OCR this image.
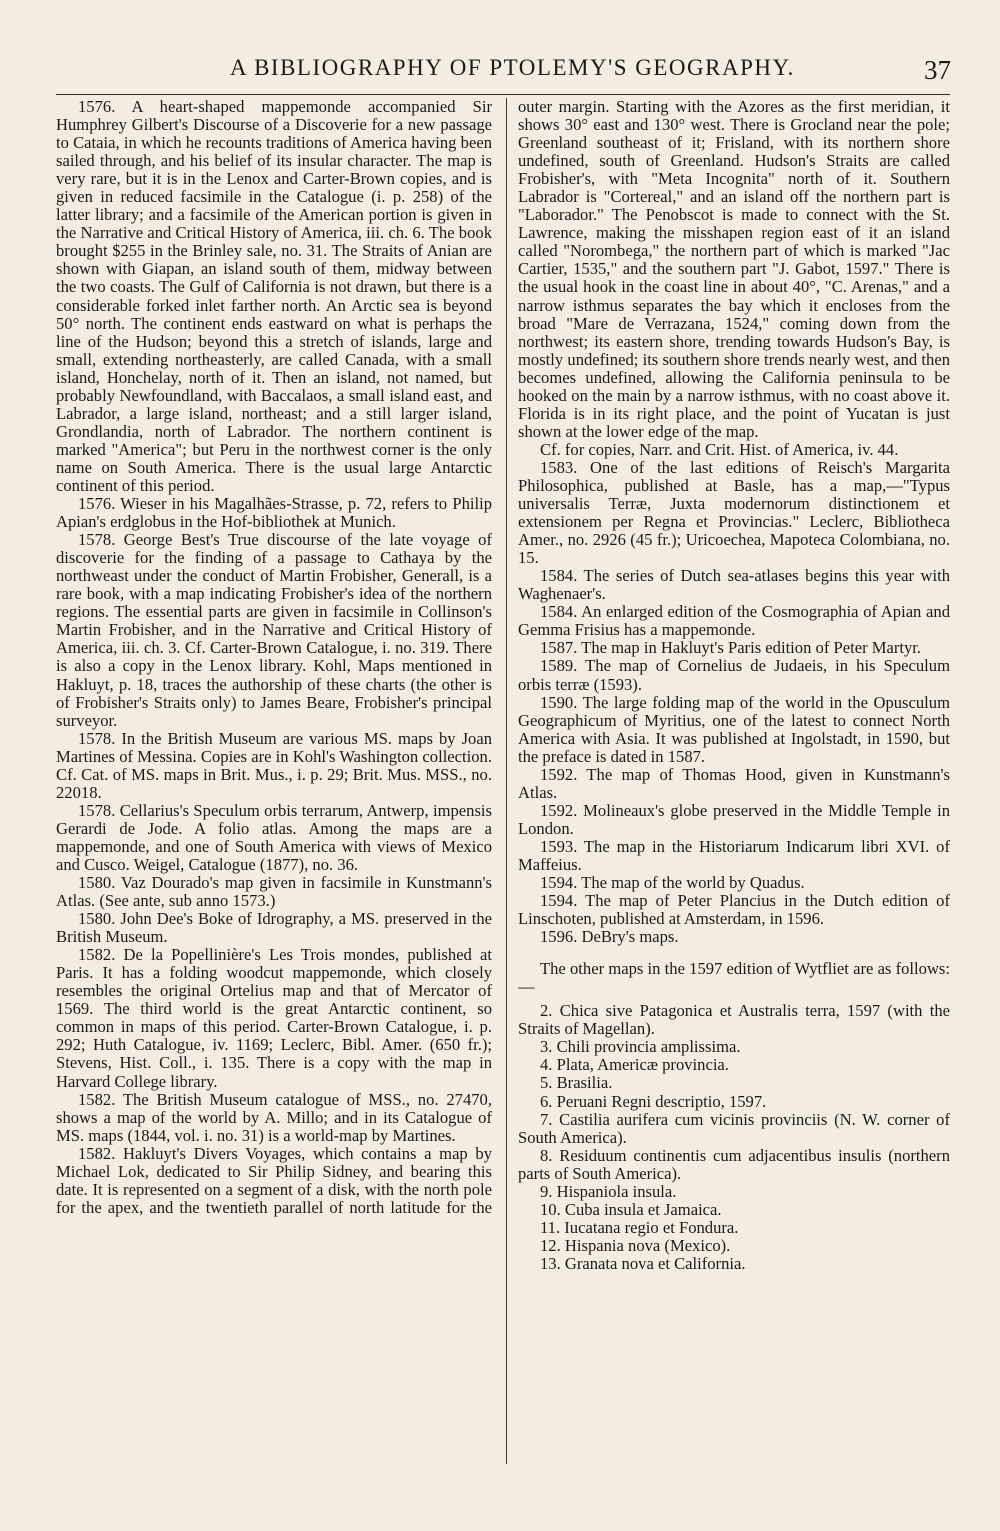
A BIBLIOGRAPHY OF PTOLEMY'S GEOGRAPHY.	37

1576. A heart-shaped mappemonde accompanied Sir Humphrey Gilbert's Discourse of a Discoverie for a new passage to Cataia, in which he recounts traditions of America having been sailed through, and his belief of its insular character. The map is very rare, but it is in the Lenox and Carter-Brown copies, and is given in reduced facsimile in the Catalogue (i. p. 258) of the latter library; and a facsimile of the American portion is given in the Narrative and Critical History of America, iii. ch. 6. The book brought $255 in the Brinley sale, no. 31. The Straits of Anian are shown with Giapan, an island south of them, midway between the two coasts. The Gulf of California is not drawn, but there is a considerable forked inlet farther north. An Arctic sea is beyond 50° north. The continent ends eastward on what is perhaps the line of the Hudson; beyond this a stretch of islands, large and small, extending northeasterly, are called Canada, with a small island, Honchelay, north of it. Then an island, not named, but probably Newfoundland, with Baccalaos, a small island east, and Labrador, a large island, northeast; and a still larger island, Grondlandia, north of Labrador. The northern continent is marked "America"; but Peru in the northwest corner is the only name on South America. There is the usual large Antarctic continent of this period.

1576. Wieser in his Magalhães-Strasse, p. 72, refers to Philip Apian's erdglobus in the Hof-bibliothek at Munich.

1578. George Best's True discourse of the late voyage of discoverie for the finding of a passage to Cathaya by the northweast under the conduct of Martin Frobisher, Generall, is a rare book, with a map indicating Frobisher's idea of the northern regions. The essential parts are given in facsimile in Collinson's Martin Frobisher, and in the Narrative and Critical History of America, iii. ch. 3. Cf. Carter-Brown Catalogue, i. no. 319. There is also a copy in the Lenox library. Kohl, Maps mentioned in Hakluyt, p. 18, traces the authorship of these charts (the other is of Frobisher's Straits only) to James Beare, Frobisher's principal surveyor.

1578. In the British Museum are various MS. maps by Joan Martines of Messina. Copies are in Kohl's Washington collection. Cf. Cat. of MS. maps in Brit. Mus., i. p. 29; Brit. Mus. MSS., no. 22018.

1578. Cellarius's Speculum orbis terrarum, Antwerp, impensis Gerardi de Jode. A folio atlas. Among the maps are a mappemonde, and one of South America with views of Mexico and Cusco. Weigel, Catalogue (1877), no. 36.

1580. Vaz Dourado's map given in facsimile in Kunstmann's Atlas. (See ante, sub anno 1573.)

1580. John Dee's Boke of Idrography, a MS. preserved in the British Museum.

1582. De la Popellinière's Les Trois mondes, published at Paris. It has a folding woodcut mappemonde, which closely resembles the original Ortelius map and that of Mercator of 1569. The third world is the great Antarctic continent, so common in maps of this period. Carter-Brown Catalogue, i. p. 292; Huth Catalogue, iv. 1169; Leclerc, Bibl. Amer. (650 fr.); Stevens, Hist. Coll., i. 135. There is a copy with the map in Harvard College library.

1582. The British Museum catalogue of MSS., no. 27470, shows a map of the world by A. Millo; and in its Catalogue of MS. maps (1844, vol. i. no. 31) is a world-map by Martines.

1582. Hakluyt's Divers Voyages, which contains a map by Michael Lok, dedicated to Sir Philip Sidney, and bearing this date. It is represented on a segment of a disk, with the north pole for the apex, and the twentieth parallel of north latitude for the

outer margin. Starting with the Azores as the first meridian, it shows 30° east and 130° west. There is Grocland near the pole; Greenland southeast of it; Frisland, with its northern shore undefined, south of Greenland. Hudson's Straits are called Frobisher's, with "Meta Incognita" north of it. Southern Labrador is "Cortereal," and an island off the northern part is "Laborador." The Penobscot is made to connect with the St. Lawrence, making the misshapen region east of it an island called "Norombega," the northern part of which is marked "Jac Cartier, 1535," and the southern part "J. Gabot, 1597." There is the usual hook in the coast line in about 40°, "C. Arenas," and a narrow isthmus separates the bay which it encloses from the broad "Mare de Verrazana, 1524," coming down from the northwest; its eastern shore, trending towards Hudson's Bay, is mostly undefined; its southern shore trends nearly west, and then becomes undefined, allowing the California peninsula to be hooked on the main by a narrow isthmus, with no coast above it. Florida is in its right place, and the point of Yucatan is just shown at the lower edge of the map.

Cf. for copies, Narr. and Crit. Hist. of America, iv. 44.

1583. One of the last editions of Reisch's Margarita Philosophica, published at Basle, has a map,—"Typus universalis Terræ, Juxta modernorum distinctionem et extensionem per Regna et Provincias." Leclerc, Bibliotheca Amer., no. 2926 (45 fr.); Uricoechea, Mapoteca Colombiana, no. 15.

1584. The series of Dutch sea-atlases begins this year with Waghenaer's.

1584. An enlarged edition of the Cosmographia of Apian and Gemma Frisius has a mappemonde.

1587. The map in Hakluyt's Paris edition of Peter Martyr.

1589. The map of Cornelius de Judaeis, in his Speculum orbis terræ (1593).

1590. The large folding map of the world in the Opusculum Geographicum of Myritius, one of the latest to connect North America with Asia. It was published at Ingolstadt, in 1590, but the preface is dated in 1587.

1592. The map of Thomas Hood, given in Kunstmann's Atlas.

1592. Molineaux's globe preserved in the Middle Temple in London.

1593. The map in the Historiarum Indicarum libri XVI. of Maffeius.

1594. The map of the world by Quadus.

1594. The map of Peter Plancius in the Dutch edition of Linschoten, published at Amsterdam, in 1596.

1596. DeBry's maps.

The other maps in the 1597 edition of Wytfliet are as follows:—

2. Chica sive Patagonica et Australis terra, 1597 (with the Straits of Magellan).

3. Chili provincia amplissima.

4. Plata, Americæ provincia.

5. Brasilia.

6. Peruani Regni descriptio, 1597.

7. Castilia aurifera cum vicinis provinciis (N. W. corner of South America).

8. Residuum continentis cum adjacentibus insulis (northern parts of South America).

9. Hispaniola insula.

10. Cuba insula et Jamaica.

11. Iucatana regio et Fondura.

12. Hispania nova (Mexico).

13. Granata nova et California.
